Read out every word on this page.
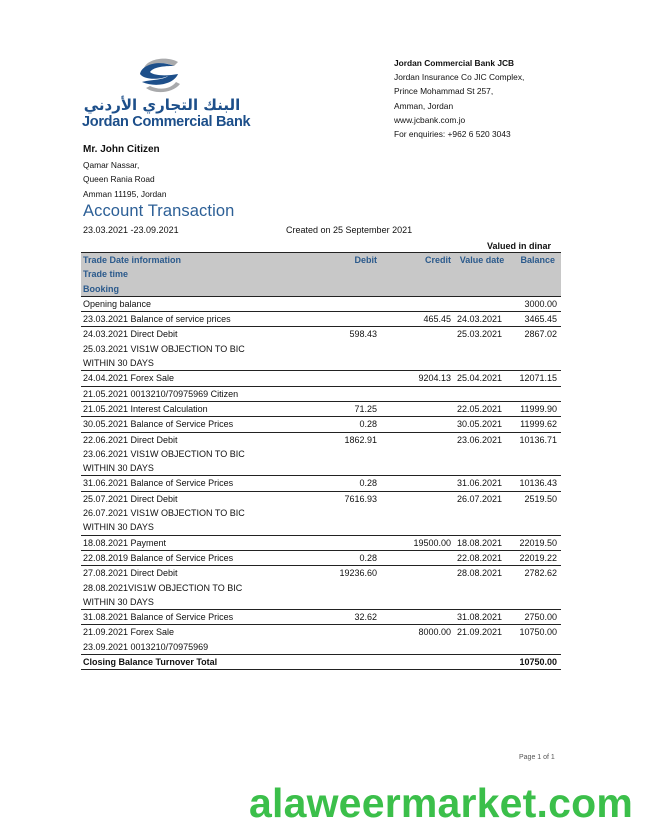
البنك التجاري الأردني
Jordan Commercial Bank
Jordan Commercial Bank JCB
Jordan Insurance Co JIC Complex,
Prince Mohammad St 257,
Amman, Jordan
www.jcbank.com.jo
For enquiries: +962 6 520 3043
Mr. John Citizen
Qamar Nassar,
Queen Rania Road
Amman 11195, Jordan
Account Transaction
23.03.2021 -23.09.2021	Created on 25 September 2021
Valued in dinar
Trade Date information	Debit	Credit	Value date	Balance
Trade time				
Booking				
Opening balance				3000.00
23.03.2021 Balance of service prices		465.45	24.03.2021	3465.45
24.03.2021 Direct Debit	598.43		25.03.2021	2867.02
25.03.2021 VIS1W OBJECTION TO BIC				
WITHIN 30 DAYS				
24.04.2021 Forex Sale		9204.13	25.04.2021	12071.15
21.05.2021 0013210/70975969 Citizen				
21.05.2021 Interest Calculation	71.25		22.05.2021	11999.90
30.05.2021 Balance of Service Prices	0.28		30.05.2021	11999.62
22.06.2021 Direct Debit	1862.91		23.06.2021	10136.71
23.06.2021 VIS1W OBJECTION TO BIC				
WITHIN 30 DAYS				
31.06.2021 Balance of Service Prices	0.28		31.06.2021	10136.43
25.07.2021 Direct Debit	7616.93		26.07.2021	2519.50
26.07.2021 VIS1W OBJECTION TO BIC				
WITHIN 30 DAYS				
18.08.2021 Payment		19500.00	18.08.2021	22019.50
22.08.2019 Balance of Service Prices	0.28		22.08.2021	22019.22
27.08.2021 Direct Debit	19236.60		28.08.2021	2782.62
28.08.2021VIS1W OBJECTION TO BIC				
WITHIN 30 DAYS				
31.08.2021 Balance of Service Prices	32.62		31.08.2021	2750.00
21.09.2021 Forex Sale		8000.00	21.09.2021	10750.00
23.09.2021 0013210/70975969				
Closing Balance Turnover Total				10750.00
Page 1 of 1
alaweermarket.com
